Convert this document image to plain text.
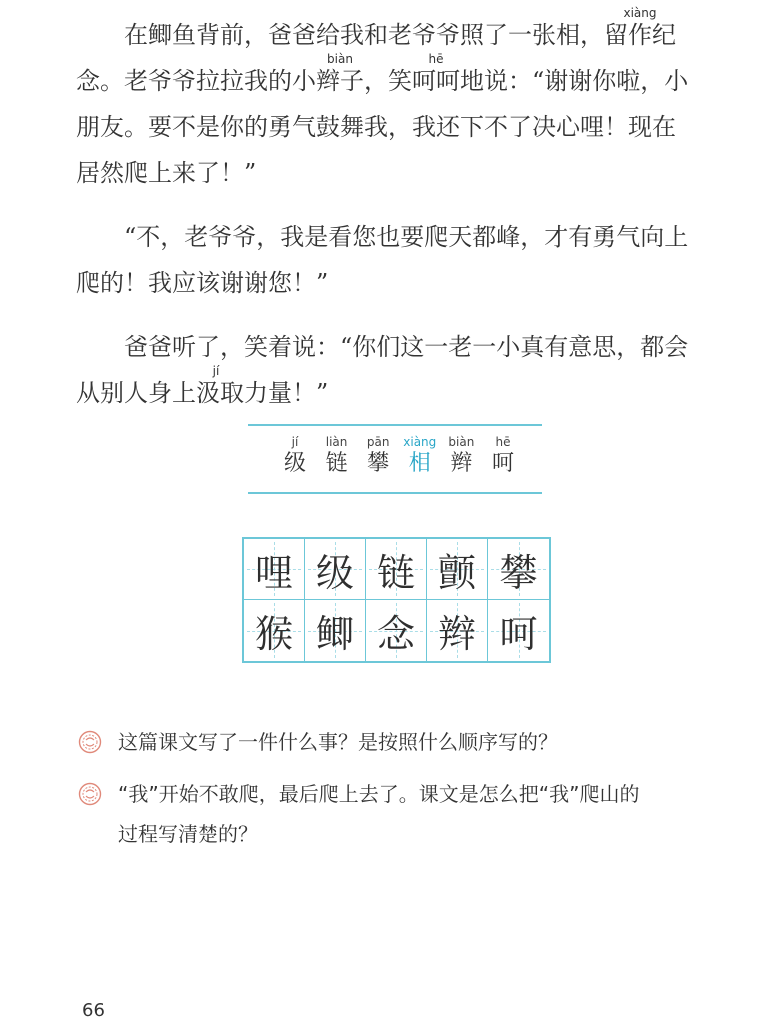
在鲫鱼背前，爸爸给我和老爷爷照了一张相，留作纪
xiàng
念。老爷爷拉拉我的小辫子，笑呵呵地说：“谢谢你啦，小
biàn	hē
朋友。要不是你的勇气鼓舞我，我还下不了决心哩！现在
居然爬上来了！”
“不，老爷爷，我是看您也要爬天都峰，才有勇气向上
爬的！我应该谢谢您！”
爸爸听了，笑着说：“你们这一老一小真有意思，都会
从别人身上汲取力量！”
jí
jí
级
liàn
链
pān
攀
xiàng
相
biàn
辫
hē
呵
哩 级 链 颤 攀
猴 鲫 念 辫 呵
这篇课文写了一件什么事？是按照什么顺序写的？
“我”开始不敢爬，最后爬上去了。课文是怎么把“我”爬山的
过程写清楚的？
66
